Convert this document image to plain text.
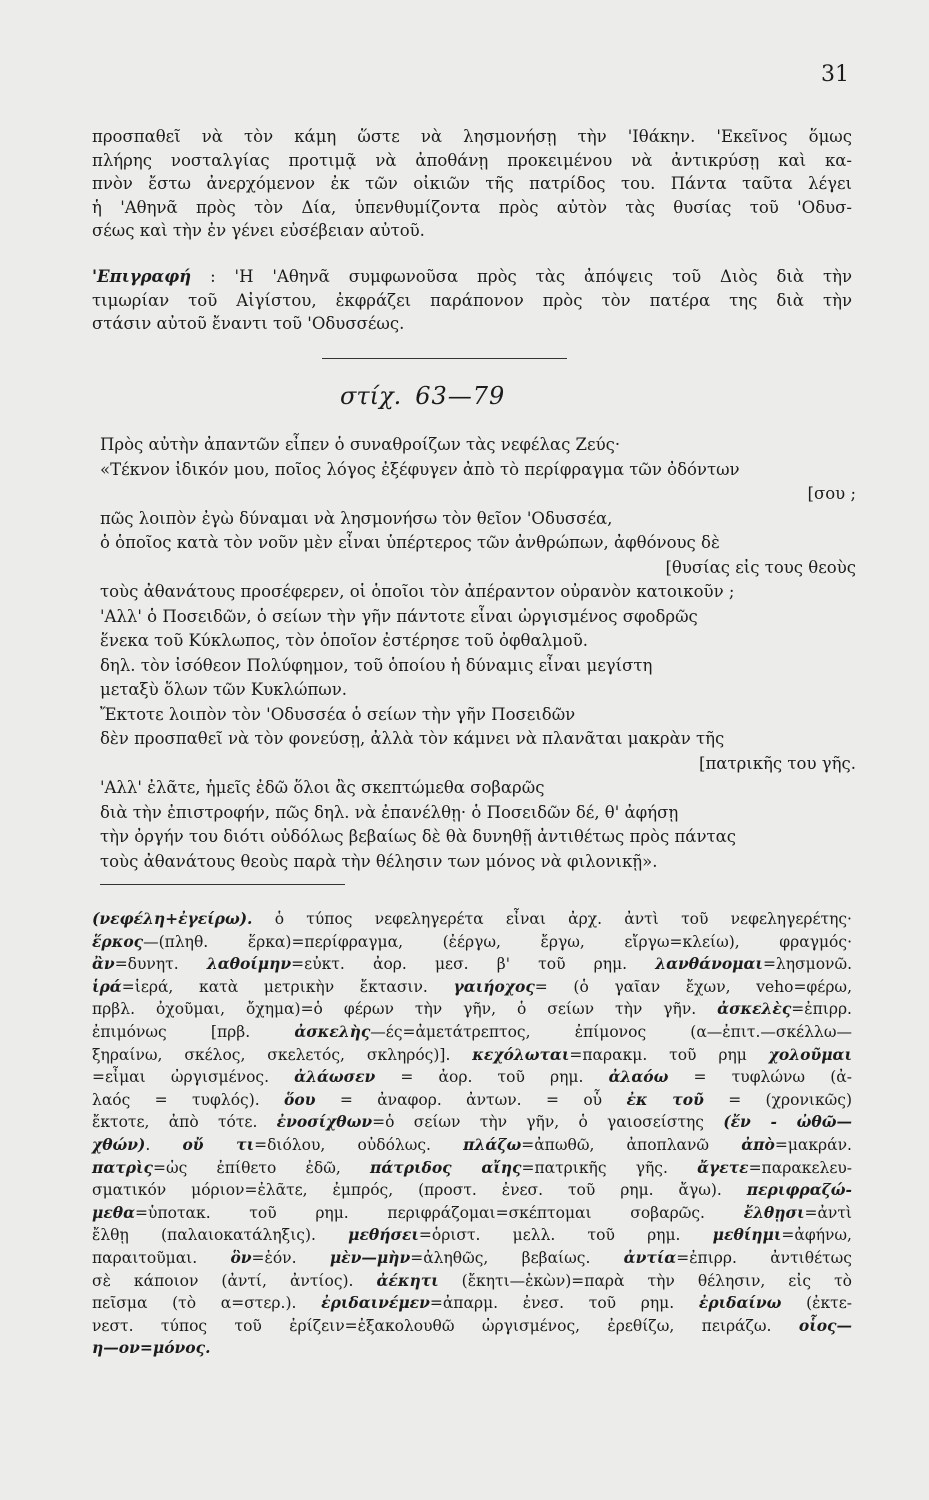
31
προσπαθεῖ νὰ τὸν κάμη ὥστε νὰ λησμονήσῃ τὴν 'Ιθάκην. 'Εκεῖνος ὅμως
πλήρης νοσταλγίας προτιμᾷ νὰ ἀποθάνῃ προκειμένου νὰ ἀντικρύσῃ καὶ κα-
πνὸν ἔστω ἀνερχόμενον ἐκ τῶν οἰκιῶν τῆς πατρίδος του. Πάντα ταῦτα λέγει
ἡ 'Αθηνᾶ πρὸς τὸν Δία, ὑπενθυμίζοντα πρὸς αὐτὸν τὰς θυσίας τοῦ 'Οδυσ-
σέως καὶ τὴν ἐν γένει εὐσέβειαν αὐτοῦ.
'Επιγραφή : 'Η 'Αθηνᾶ συμφωνοῦσα πρὸς τὰς ἀπόψεις τοῦ Διὸς διὰ τὴν
τιμωρίαν τοῦ Αἰγίστου, ἐκφράζει παράπονον πρὸς τὸν πατέρα της διὰ τὴν
στάσιν αὐτοῦ ἔναντι τοῦ 'Οδυσσέως.
στίχ. 63—79
Πρὸς αὐτὴν ἀπαντῶν εἶπεν ὁ συναθροίζων τὰς νεφέλας Ζεύς·
«Τέκνον ἰδικόν μου, ποῖος λόγος ἐξέφυγεν ἀπὸ τὸ περίφραγμα τῶν ὀδόντων
[σου ;
πῶς λοιπὸν ἐγὼ δύναμαι νὰ λησμονήσω τὸν θεῖον 'Οδυσσέα,
ὁ ὁποῖος κατὰ τὸν νοῦν μὲν εἶναι ὑπέρτερος τῶν ἀνθρώπων, ἀφθόνους δὲ
[θυσίας εἰς τους θεοὺς
τοὺς ἀθανάτους προσέφερεν, οἱ ὁποῖοι τὸν ἀπέραντον οὐρανὸν κατοικοῦν ;
'Αλλ' ὁ Ποσειδῶν, ὁ σείων τὴν γῆν πάντοτε εἶναι ὠργισμένος σφοδρῶς
ἕνεκα τοῦ Κύκλωπος, τὸν ὁποῖον ἐστέρησε τοῦ ὀφθαλμοῦ.
δηλ. τὸν ἰσόθεον Πολύφημον, τοῦ ὁποίου ἡ δύναμις εἶναι μεγίστη
μεταξὺ ὅλων τῶν Κυκλώπων.
Ἔκτοτε λοιπὸν τὸν 'Οδυσσέα ὁ σείων τὴν γῆν Ποσειδῶν
δὲν προσπαθεῖ νὰ τὸν φονεύσῃ, ἀλλὰ τὸν κάμνει νὰ πλανᾶται μακρὰν τῆς
[πατρικῆς του γῆς.
'Αλλ' ἐλᾶτε, ἡμεῖς ἐδῶ ὅλοι ἂς σκεπτώμεθα σοβαρῶς
διὰ τὴν ἐπιστροφήν, πῶς δηλ. νὰ ἐπανέλθῃ· ὁ Ποσειδῶν δέ, θ' ἀφήσῃ
τὴν ὀργήν του διότι οὐδόλως βεβαίως δὲ θὰ δυνηθῇ ἀντιθέτως πρὸς πάντας
τοὺς ἀθανάτους θεοὺς παρὰ τὴν θέλησιν των μόνος νὰ φιλονικῇ».
(νεφέλη+ἐγείρω). ὁ τύπος νεφεληγερέτα εἶναι ἀρχ. ἀντὶ τοῦ νεφεληγερέτης·
ἕρκος—(πληθ. ἕρκα)=περίφραγμα, (ἐέργω, ἔργω, εἴργω=κλείω), φραγμός·
ἂν=δυνητ. λαθοίμην=εὐκτ. ἀορ. μεσ. β' τοῦ ρημ. λανθάνομαι=λησμονῶ.
ἱρά=ἱερά, κατὰ μετρικὴν ἔκτασιν. γαιήοχος= (ὁ γαῖαν ἔχων, veho=φέρω,
πρβλ. ὀχοῦμαι, ὄχημα)=ὁ φέρων τὴν γῆν, ὁ σείων τὴν γῆν. ἀσκελὲς=ἐπιρρ.
ἐπιμόνως [πρβ. ἀσκελὴς—ές=ἀμετάτρεπτος, ἐπίμονος (α—ἐπιτ.—σκέλλω—
ξηραίνω, σκέλος, σκελετός, σκληρός)]. κεχόλωται=παρακμ. τοῦ ρημ χολοῦμαι
=εἶμαι ὠργισμένος. ἀλάωσεν = ἀορ. τοῦ ρημ. ἀλαόω = τυφλώνω (ἀ-
λαός = τυφλός). ὅου = ἀναφορ. ἀντων. = οὗ ἐκ τοῦ = (χρονικῶς)
ἔκτοτε, ἀπὸ τότε. ἐνοσίχθων=ὁ σείων τὴν γῆν, ὁ γαιοσείστης (ἔν - ὠθῶ—
χθών). οὔ τι=διόλου, οὐδόλως. πλάζω=ἀπωθῶ, ἀποπλανῶ ἀπὸ=μακράν.
πατρὶς=ὡς ἐπίθετο ἐδῶ, πάτριδος αἴης=πατρικῆς γῆς. ἄγετε=παρακελευ-
σματικόν μόριον=ἐλᾶτε, ἐμπρός, (προστ. ἐνεσ. τοῦ ρημ. ἄγω). περιφραζώ-
μεθα=ὑποτακ. τοῦ ρημ. περιφράζομαι=σκέπτομαι σοβαρῶς. ἔλθῃσι=ἀντὶ
ἔλθῃ (παλαιοκατάληξις). μεθήσει=ὁριστ. μελλ. τοῦ ρημ. μεθίημι=ἀφήνω,
παραιτοῦμαι. ὃν=ἑόν. μὲν—μὴν=ἀληθῶς, βεβαίως. ἀντία=ἐπιρρ. ἀντιθέτως
σὲ κάποιον (ἀντί, ἀντίος). ἀέκητι (ἔκητι—ἑκὼν)=παρὰ τὴν θέλησιν, εἰς τὸ
πεῖσμα (τὸ α=στερ.). ἐριδαινέμεν=ἀπαρμ. ἐνεσ. τοῦ ρημ. ἐριδαίνω (ἐκτε-
νεστ. τύπος τοῦ ἐρίζειν=ἐξακολουθῶ ὠργισμένος, ἐρεθίζω, πειράζω. οἷος—
η—ον=μόνος.
